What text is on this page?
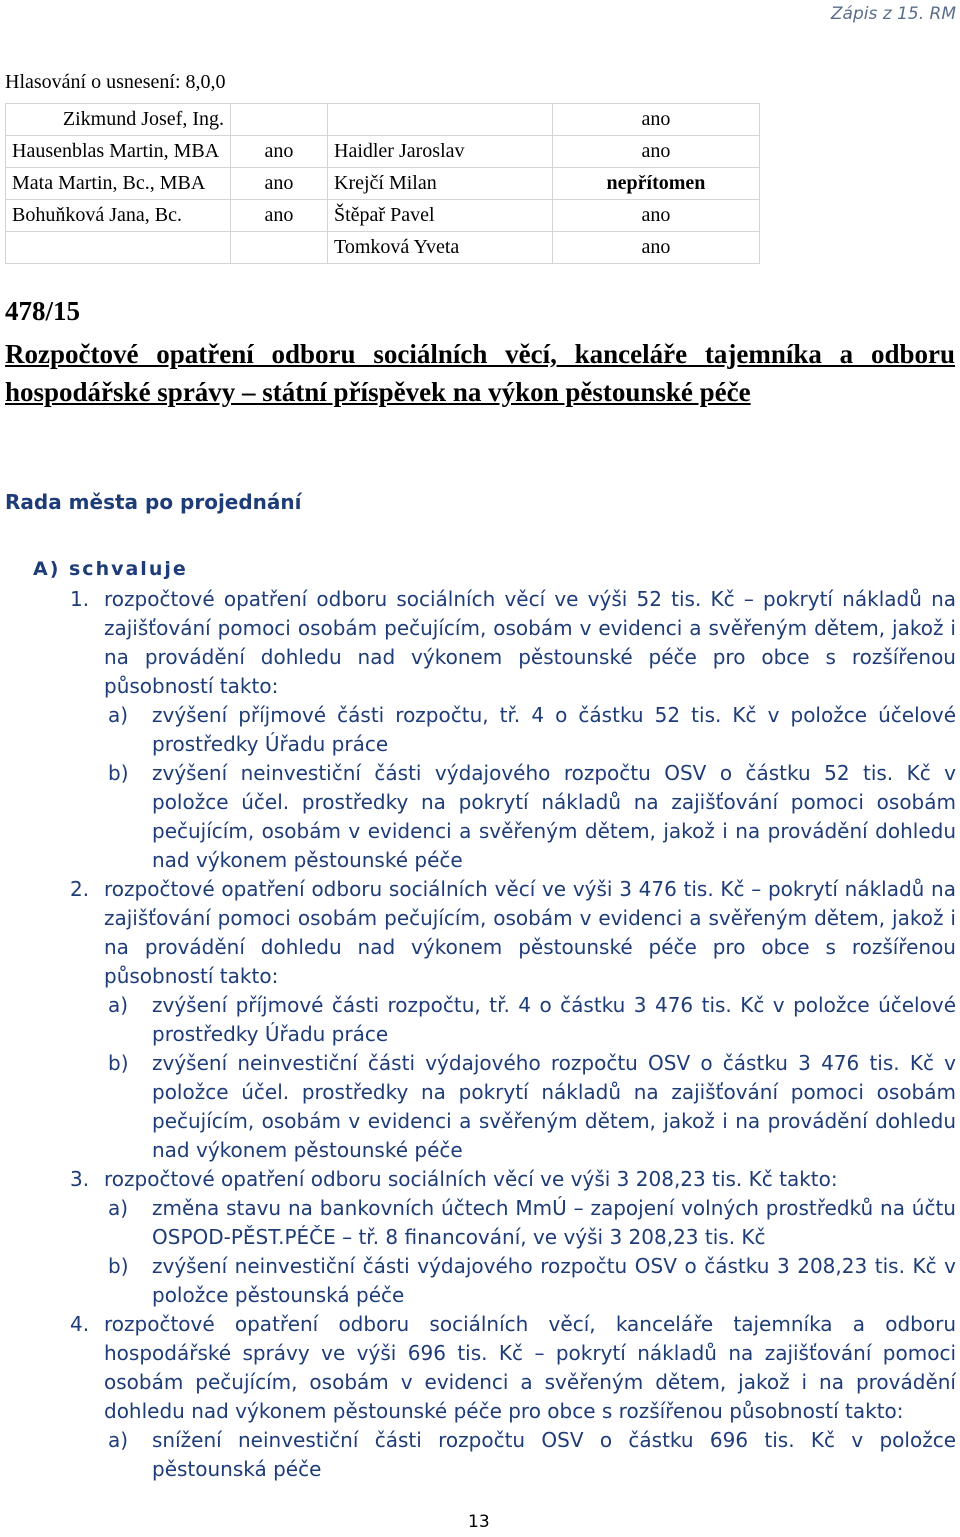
Zápis z 15. RM
Hlasování o usnesení: 8,0,0
Zikmund Josef, Ing.			ano
Hausenblas Martin, MBA	ano	Haidler Jaroslav	ano
Mata Martin, Bc., MBA	ano	Krejčí Milan	nepřítomen
Bohuňková Jana, Bc.	ano	Štěpař Pavel	ano
		Tomková Yveta	ano
478/15
Rozpočtové opatření odboru sociálních věcí, kanceláře tajemníka a odboru hospodářské správy – státní příspěvek na výkon pěstounské péče
Rada města po projednání
A) schvaluje
1. rozpočtové opatření odboru sociálních věcí ve výši 52 tis. Kč – pokrytí nákladů na zajišťování pomoci osobám pečujícím, osobám v evidenci a svěřeným dětem, jakož i na provádění dohledu nad výkonem pěstounské péče pro obce s rozšířenou působností takto:
a) zvýšení příjmové části rozpočtu, tř. 4 o částku 52 tis. Kč v položce účelové prostředky Úřadu práce
b) zvýšení neinvestiční části výdajového rozpočtu OSV o částku 52 tis. Kč v položce účel. prostředky na pokrytí nákladů na zajišťování pomoci osobám pečujícím, osobám v evidenci a svěřeným dětem, jakož i na provádění dohledu nad výkonem pěstounské péče
2. rozpočtové opatření odboru sociálních věcí ve výši 3 476 tis. Kč – pokrytí nákladů na zajišťování pomoci osobám pečujícím, osobám v evidenci a svěřeným dětem, jakož i na provádění dohledu nad výkonem pěstounské péče pro obce s rozšířenou působností takto:
a) zvýšení příjmové části rozpočtu, tř. 4 o částku 3 476 tis. Kč v položce účelové prostředky Úřadu práce
b) zvýšení neinvestiční části výdajového rozpočtu OSV o částku 3 476 tis. Kč v položce účel. prostředky na pokrytí nákladů na zajišťování pomoci osobám pečujícím, osobám v evidenci a svěřeným dětem, jakož i na provádění dohledu nad výkonem pěstounské péče
3. rozpočtové opatření odboru sociálních věcí ve výši 3 208,23 tis. Kč takto:
a) změna stavu na bankovních účtech MmÚ – zapojení volných prostředků na účtu OSPOD-PĚST.PÉČE – tř. 8 financování, ve výši 3 208,23 tis. Kč
b) zvýšení neinvestiční části výdajového rozpočtu OSV o částku 3 208,23 tis. Kč v položce pěstounská péče
4. rozpočtové opatření odboru sociálních věcí, kanceláře tajemníka a odboru hospodářské správy ve výši 696 tis. Kč – pokrytí nákladů na zajišťování pomoci osobám pečujícím, osobám v evidenci a svěřeným dětem, jakož i na provádění dohledu nad výkonem pěstounské péče pro obce s rozšířenou působností takto:
a) snížení neinvestiční části rozpočtu OSV o částku 696 tis. Kč v položce pěstounská péče
13
